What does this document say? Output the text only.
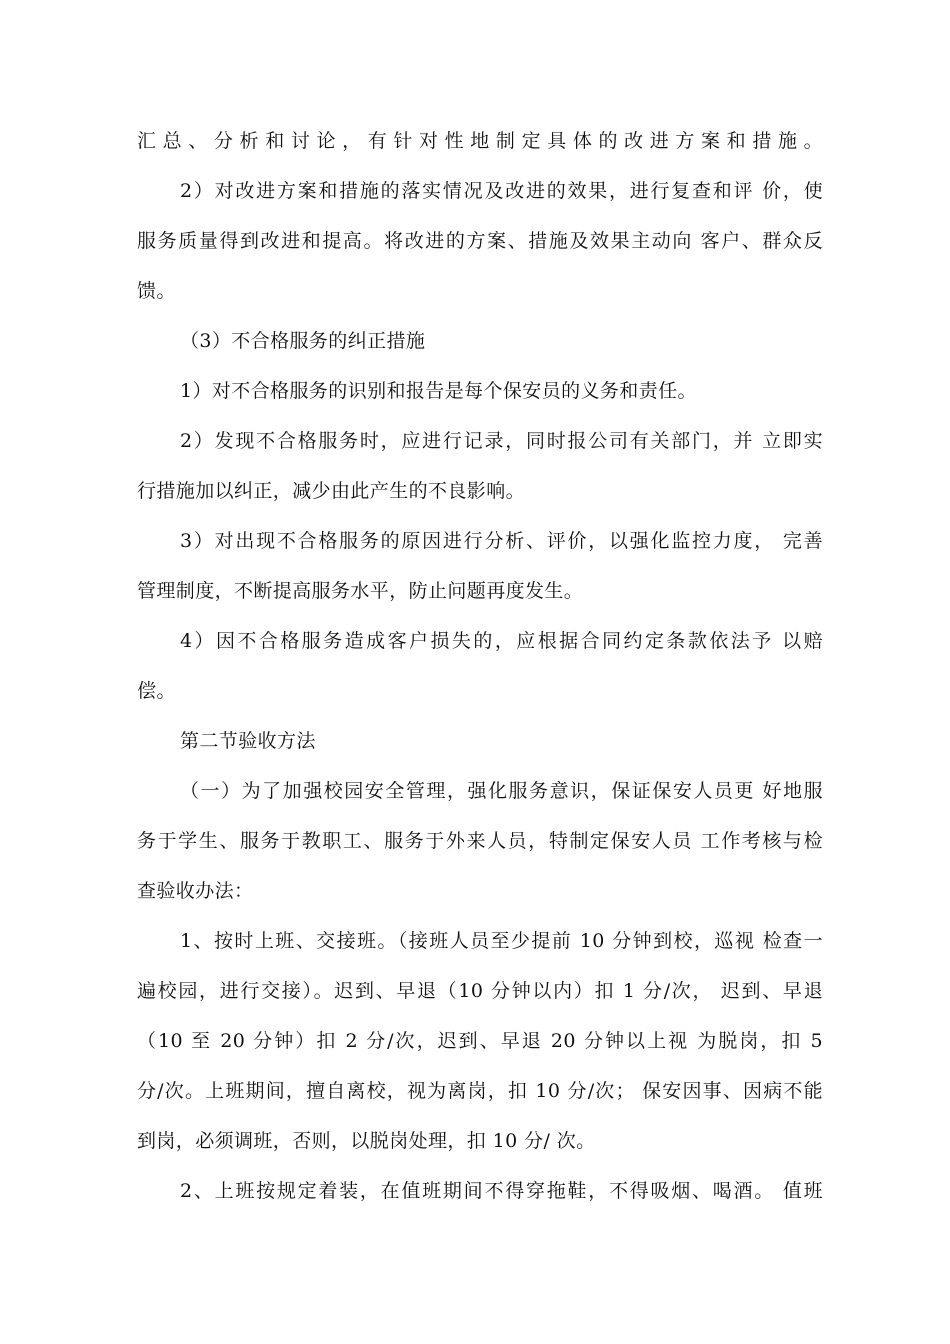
汇总、分析和讨论，有针对性地制定具体的改进方案和措施。
2）对改进方案和措施的落实情况及改进的效果，进行复查和评 价，使
服务质量得到改进和提高。将改进的方案、措施及效果主动向 客户、群众反
馈。
（3）不合格服务的纠正措施
1）对不合格服务的识别和报告是每个保安员的义务和责任。
2）发现不合格服务时，应进行记录，同时报公司有关部门，并 立即实
行措施加以纠正，减少由此产生的不良影响。
3）对出现不合格服务的原因进行分析、评价，以强化监控力度， 完善
管理制度，不断提高服务水平，防止问题再度发生。
4）因不合格服务造成客户损失的，应根据合同约定条款依法予 以赔
偿。
第二节验收方法
（一）为了加强校园安全管理，强化服务意识，保证保安人员更 好地服
务于学生、服务于教职工、服务于外来人员，特制定保安人员 工作考核与检
查验收办法：
1、按时上班、交接班。（接班人员至少提前 10 分钟到校，巡视 检查一
遍校园，进行交接）。迟到、早退（10 分钟以内）扣 1 分/次， 迟到、早退
（10 至 20 分钟）扣 2 分/次，迟到、早退 20 分钟以上视 为脱岗，扣 5
分/次。上班期间，擅自离校，视为离岗，扣 10 分/次； 保安因事、因病不能
到岗，必须调班，否则，以脱岗处理，扣 10 分/ 次。
2、上班按规定着装，在值班期间不得穿拖鞋，不得吸烟、喝酒。 值班
